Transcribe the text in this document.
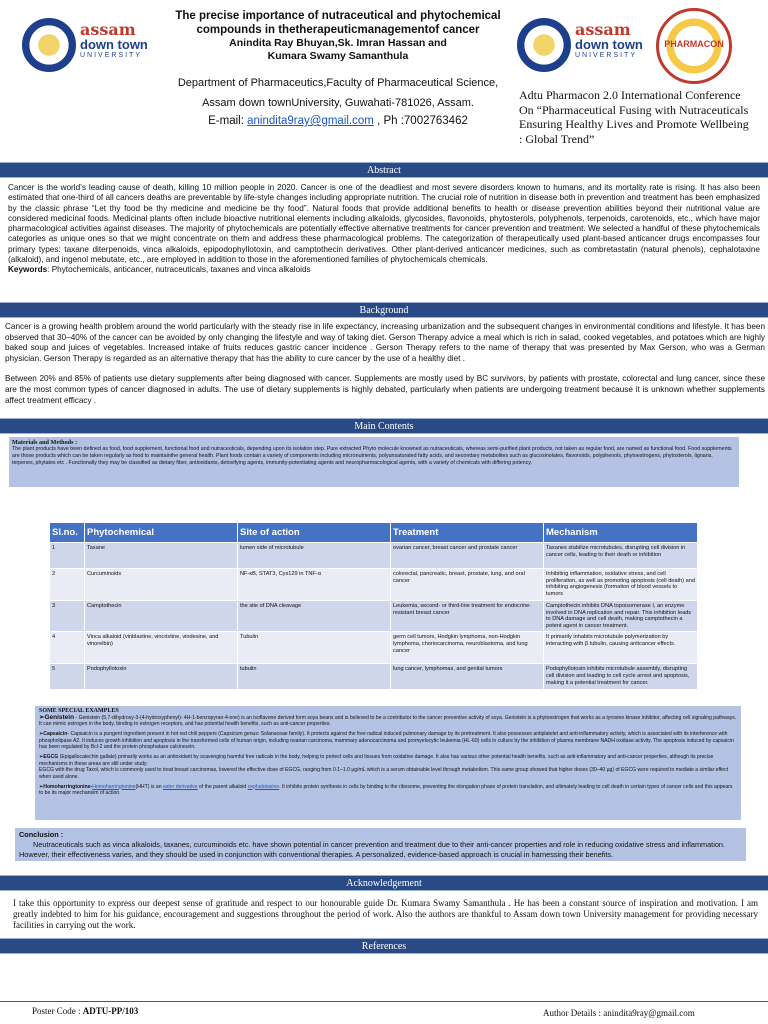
assam
down town
UNIVERSITY
The precise importance of nutraceutical and phytochemical compounds in thetherapeuticmanagementof cancer
Anindita Ray Bhuyan,Sk. Imran Hassan and
Kumara Swamy Samanthula
Department of Pharmaceutics,Faculty of Pharmaceutical Science,
Assam down townUniversity, Guwahati-781026, Assam.
E-mail: anindita9ray@gmail.com , Ph :7002763462
assam
down town
UNIVERSITY
PHARMACON
Adtu Pharmacon 2.0 International Conference On “Pharmaceutical Fusing with Nutraceuticals Ensuring Healthy Lives and Promote Wellbeing : Global Trend”
Abstract
Cancer is the world’s leading cause of death, killing 10 million people in 2020. Cancer is one of the deadliest and most severe disorders known to humans, and its mortality rate is rising. It has also been estimated that one-third of all cancers deaths are preventable by life-style changes including appropriate nutrition. The crucial role of nutrition in disease both in prevention and treatment has been emphasized by the classic phrase “Let thy food be thy medicine and medicine be thy food”. Natural foods that provide additional benefits to health or disease prevention abilities beyond their nutritional value are considered medicinal foods. Medicinal plants often include bioactive nutritional elements including alkaloids, glycosides, flavonoids, phytosterols, polyphenols, terpenoids, carotenoids, etc., which have major pharmacological activities against diseases. The majority of phytochemicals are potentially effective alternative treatments for cancer prevention and treatment. We selected a handful of these phytochemicals categories as unique ones so that we might concentrate on them and address these pharmacological problems. The categorization of therapeutically used plant-based anticancer drugs encompasses four primary types: taxane diterpenoids, vinca alkaloids, epipodophyllotoxin, and camptothecin derivatives. Other plant-derived anticancer medicines, such as combretastatin (natural phenols), cephalotaxine (alkaloid), and ingenol mebutate, etc., are employed in addition to those in the aforementioned families of phytochemicals chemicals.
Keywords: Phytochemicals, anticancer, nutraceuticals, taxanes and vinca alkaloids
Background

Cancer is a growing health problem around the world particularly with the steady rise in life expectancy, increasing urbanization and the subsequent changes in environmental conditions and lifestyle. It has been observed that 30–40% of the cancer can be avoided by only changing the lifestyle and way of taking diet. Gerson Therapy advice a meal which is rich in salad, cooked vegetables, and potatoes which are highly baked soup and juices of vegetables. Increased intake of fruits reduces gastric cancer incidence . Gerson Therapy refers to the name of therapy that was presented by Max Gerson, who was a German physician. Gerson Therapy is regarded as an alternative therapy that has the ability to cure cancer by the use of a healthy diet .

Between 20% and 85% of patients use dietary supplements after being diagnosed with cancer. Supplements are mostly used by BC survivors, by patients with prostate, colorectal and lung cancer, since these are the most common types of cancer diagnosed in adults. The use of dietary supplements is highly debated, particularly when patients are undergoing treatment because it is unknown whether supplements affect treatment efficacy .

Main Contents
Materials and Methods :
The plant products have been defined as food, food supplement, functional food and nutraceuticals, depending upon its isolation step. Pure extracted Phyto molecule knowned as nutraceuticals, whereas semi-purified plant products, not taken as regular food, are named as functional food. Food supplements are those products which can be taken regularly as food to maintainthe general health. Plant foods contain a variety of components including micronutrients, polyunsaturated fatty acids, and secondary metabolites such as glucosinolates, flavonoids, polyphenols, phytoestrogens, phytosterols, lignans, terpenes, phytates etc . Functionally they may be classified as dietary fiber, antioxidants, detoxifying agents, immunity-potentiating agents and neuropharmacological agents, with a variety of chemicals with differing potency.
Sl.no.	Phytochemical	Site of action	Treatment	Mechanism
1	Taxane	lumen side of microtubule	ovarian cancer, breast cancer and prostate cancer	Taxanes stabilize microtubules, disrupting cell division in cancer cells, leading to their death or inhibition
2	Curcuminoids	NF-κB, STAT3, Cys129 in TNF-α	colorectal, pancreatic, breast, prostate, lung, and oral cancer	Inhibiting inflammation, oxidative stress, and cell proliferation, as well as promoting apoptosis (cell death) and inhibiting angiogenesis (formation of blood vessels to tumors
3	Camptothecin	the site of DNA cleavage	Leukemia, second- or third-line treatment for endocrine-resistant breast cancer	Camptothecin inhibits DNA topoisomerase I, an enzyme involved in DNA replication and repair. This inhibition leads to DNA damage and cell death, making camptothecin a potent agent in cancer treatment.
4	Vinca alkaloid (vinblastine, vincristine, vindesine, and vinorelbin)	Tubulin	germ cell tumors, Hodgkin lymphoma, non-Hodgkin lymphoma, choriocarcinoma, neuroblastoma, and lung cancer	It primarily inhabits microtubule polymerization by interacting with β tubulin, causing anticancer effects.
5	Podophyllotoxin	tubulin	lung cancer, lymphomas, and genital tumors	Podophyllotoxin inhibits microtubule assembly, disrupting cell division and leading to cell cycle arrest and apoptosis, making it a potential treatment for cancer.
SOME SPECIAL EXAMPLES

➢Genistein - Genistein (5,7-dihydroxy-3-(4-hydroxyphenyl)- 4H-1-benzopyran-4-one) is an isoflavone derived form soya beans and is believed to be a contributor to the cancer preventive activity of soya. Genistein is a phytoestrogen that works as a tyrosine kinase inhibitor, affecting cell signaling pathways. It can mimic estrogen in the body, binding to estrogen receptors, and has potential health benefits, such as anti-cancer properties.

➢Capsaicin- Capsaicin is a pungent ingredient present in hot red chili peppers (Capsicum genus: Solanaceae family). It protects against the free radical induced pulmonary damage by its pretreatment. It also possesses antiplatelet and anti-inflammatory activity, which is associated with its interference with phospholipase A2. It induces growth inhibition and apoptosis in the transformed cells of human origin, including ovarian carcinoma, mammary adenocarcinoma and promyelocytic leukemia (HL-60) cells in culture by the inhibition of plasma membrane NADH oxidase activity. The apoptosis induced by capsaicin has been regulated by Bcl-2 and the protein phosphatase calcineurin.

➢EGCG (Epigallocatechin gallate) primarily works as an antioxidant by scavenging harmful free radicals in the body, helping to protect cells and tissues from oxidative damage. It also has various other potential health benefits, such as anti-inflammatory and anti-cancer properties, although its precise mechanisms in these areas are still under study.

EGCG with the drug Taxol, which is commonly used to treat breast carcinomas, lowered the effective dose of EGCG, ranging from 0.1–1.0 μg/mL which is a serum obtainable level through metabolism. This same group showed that higher doses (30–40 μg) of EGCG were required to mediate a similar effect when used alone.

➢Homoharringtonine-Homoharringtonine(HHT) is an ester derivative of the parent alkaloid cephalotaxine. It inhibits protein synthesis in cells by binding to the ribosome, preventing the elongation phase of protein translation, and ultimately leading to cell death in certain types of cancer cells and this appears to be its major mechanism of action.

Conclusion :
Neutraceuticals such as vinca alkaloids, taxanes, curcuminoids etc. have shown potential in cancer prevention and treatment due to their anti-cancer properties and role in reducing oxidative stress and inflammation. However, their effectiveness varies, and they should be used in conjunction with conventional therapies. A personalized, evidence-based approach is crucial in harnessing their benefits.
Acknowledgement
I take this opportunity to express our deepest sense of gratitude and respect to our honourable guide Dr. Kumara Swamy Samanthula . He has been a constant source of inspiration and motivation. I am greatly indebted to him for his guidance, encouragement and suggestions throughout the period of work. Also the authors are thankful to Assam down town University management for providing necessary facilities in carrying out the work.
References
Poster Code : ADTU-PP/103	Author Details : anindita9ray@gmail.com
